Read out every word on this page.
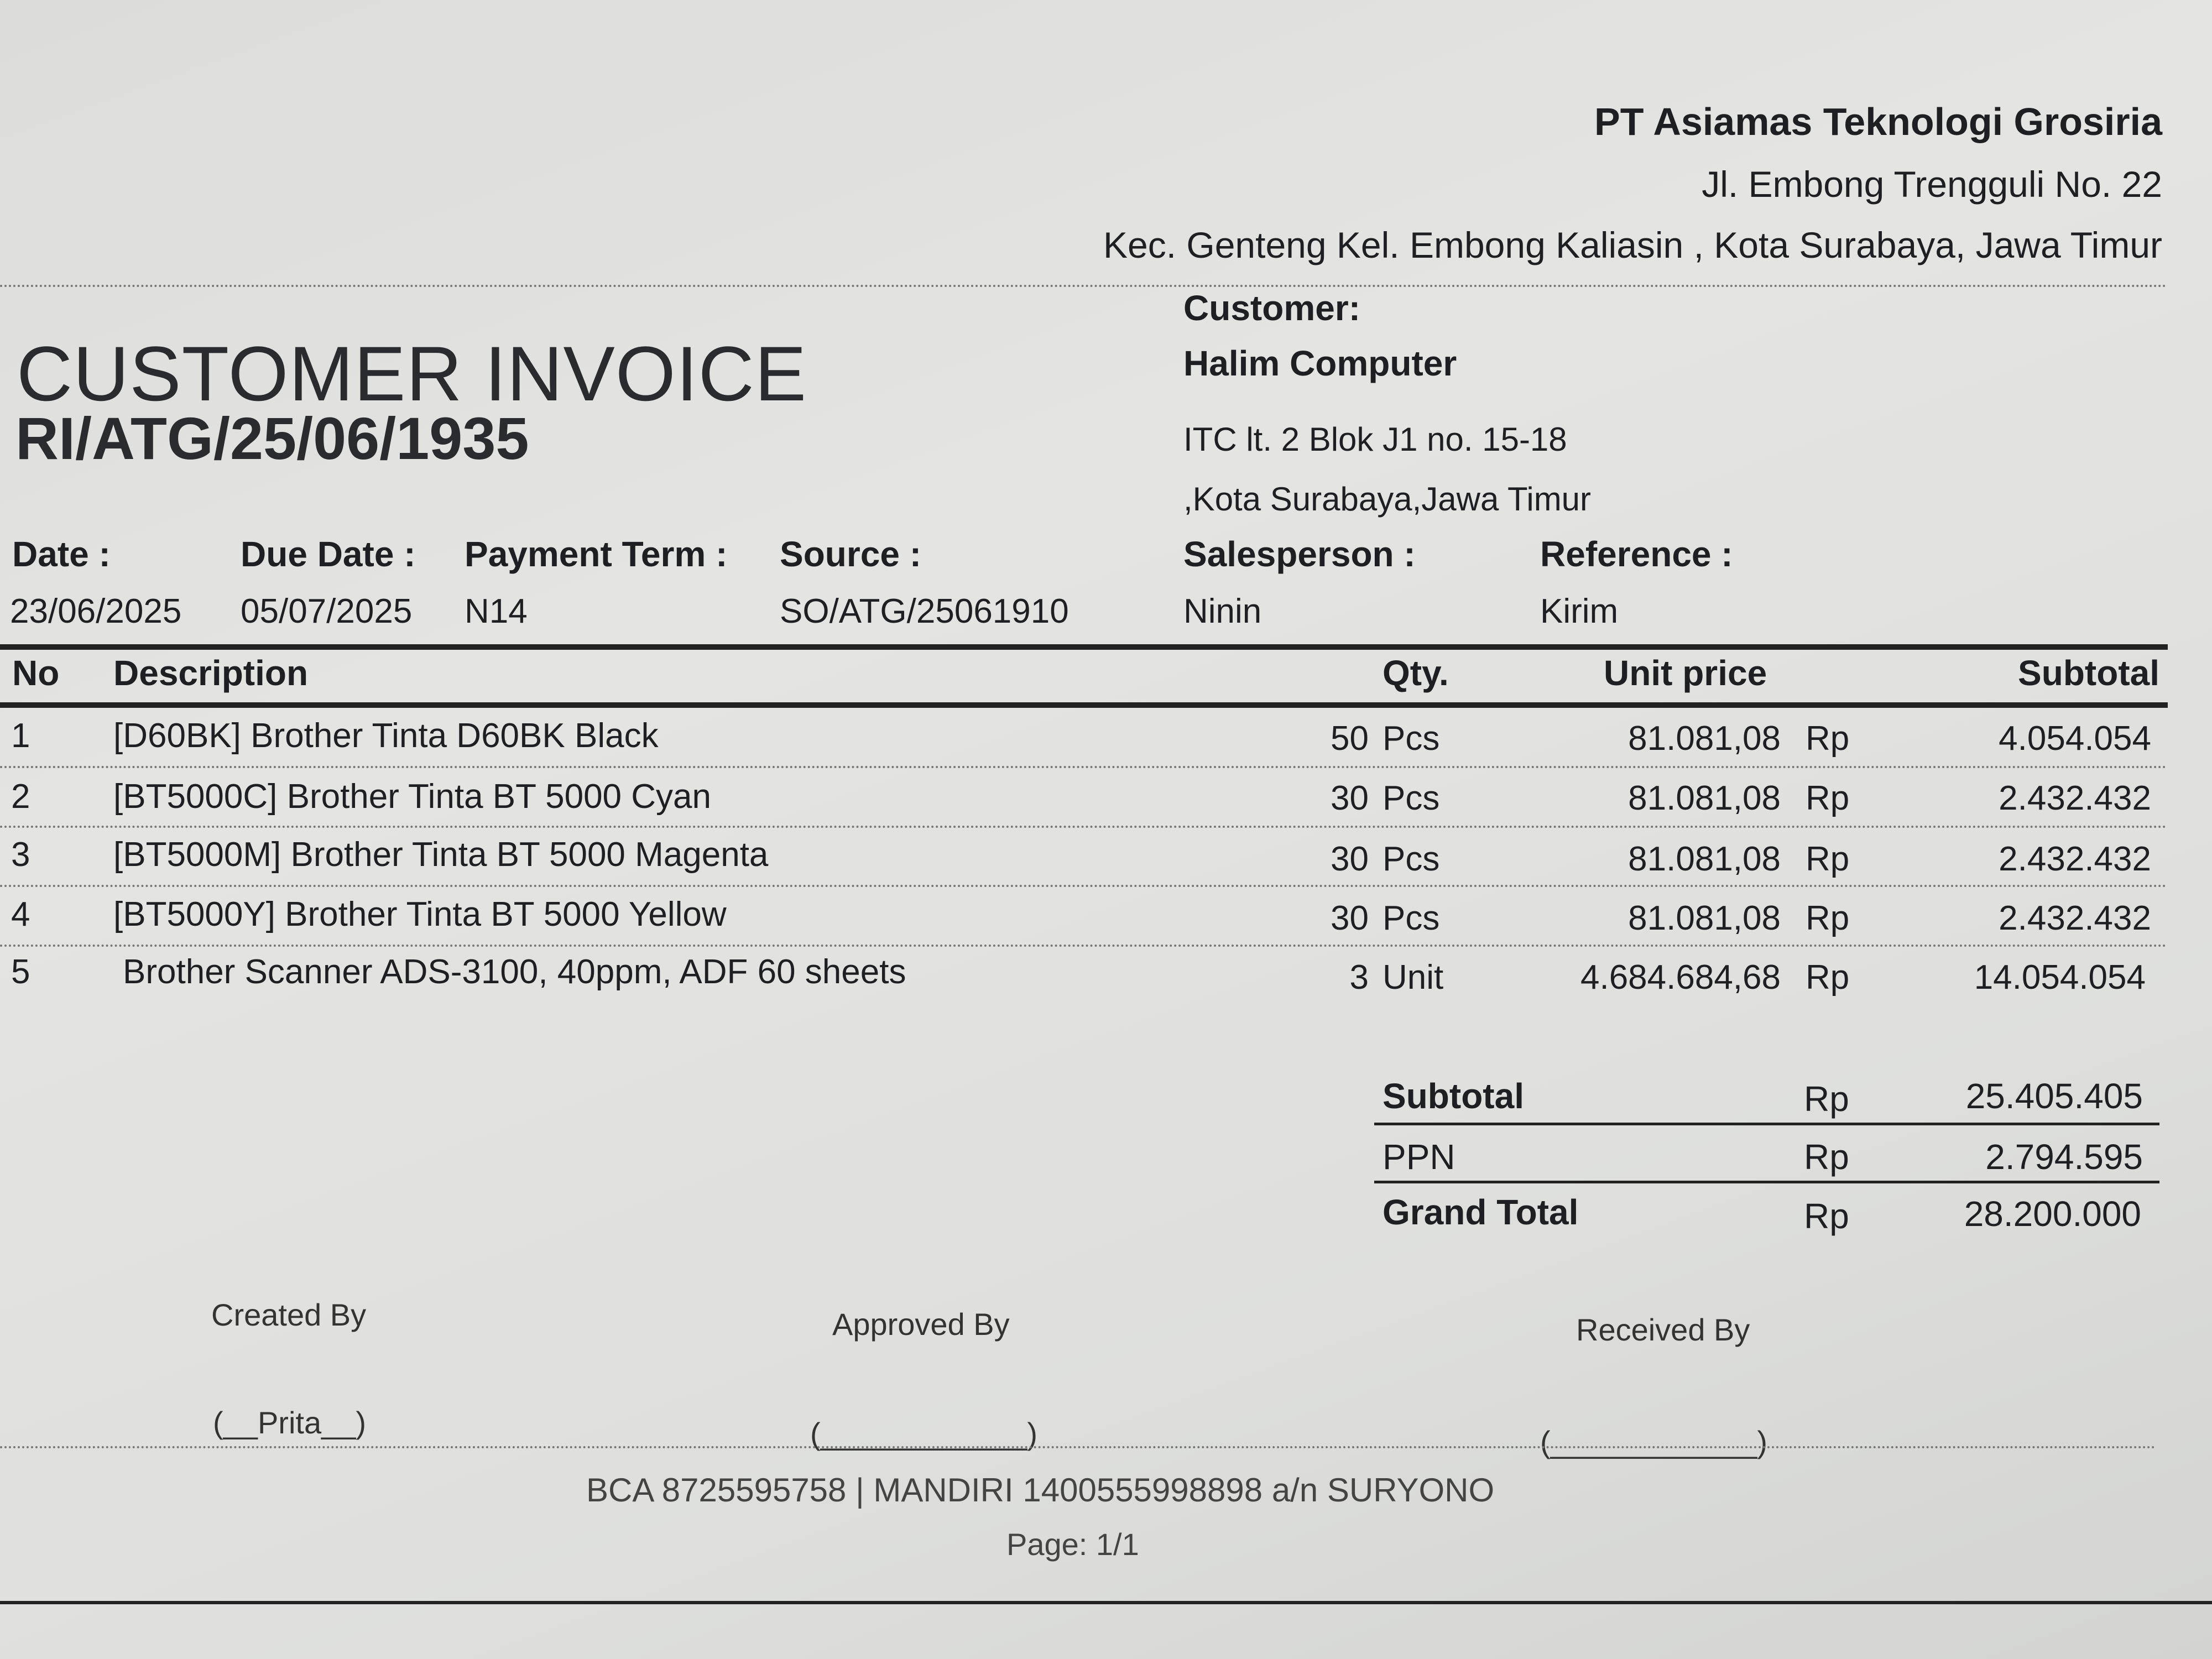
PT Asiamas Teknologi Grosiria
Jl. Embong Trengguli No. 22
Kec. Genteng Kel. Embong Kaliasin , Kota Surabaya, Jawa Timur
CUSTOMER INVOICE
RI/ATG/25/06/1935
Customer:
Halim Computer
ITC lt. 2 Blok J1 no. 15-18
,Kota Surabaya,Jawa Timur
Date :	Due Date : Payment Term : Source :	Salesperson :	Reference :
23/06/2025 05/07/2025 N14	SO/ATG/25061910	Ninin	Kirim
No Description	Qty.	Unit price	Subtotal
1 [D60BK] Brother Tinta D60BK Black	50 Pcs	81.081,08 Rp	4.054.054
2 [BT5000C] Brother Tinta BT 5000 Cyan	30 Pcs	81.081,08 Rp	2.432.432
3 [BT5000M] Brother Tinta BT 5000 Magenta	30 Pcs	81.081,08 Rp	2.432.432
4 [BT5000Y] Brother Tinta BT 5000 Yellow	30 Pcs	81.081,08 Rp	2.432.432
5	Brother Scanner ADS-3100, 40ppm, ADF 60 sheets	3 Unit	4.684.684,68 Rp	14.054.054
Subtotal	Rp	25.405.405
PPN	Rp	2.794.595
Grand Total	Rp	28.200.000
Created By	Approved By	Received By
(__Prita__)	(____________)	(____________)
BCA 8725595758 | MANDIRI 1400555998898 a/n SURYONO
Page: 1/1
